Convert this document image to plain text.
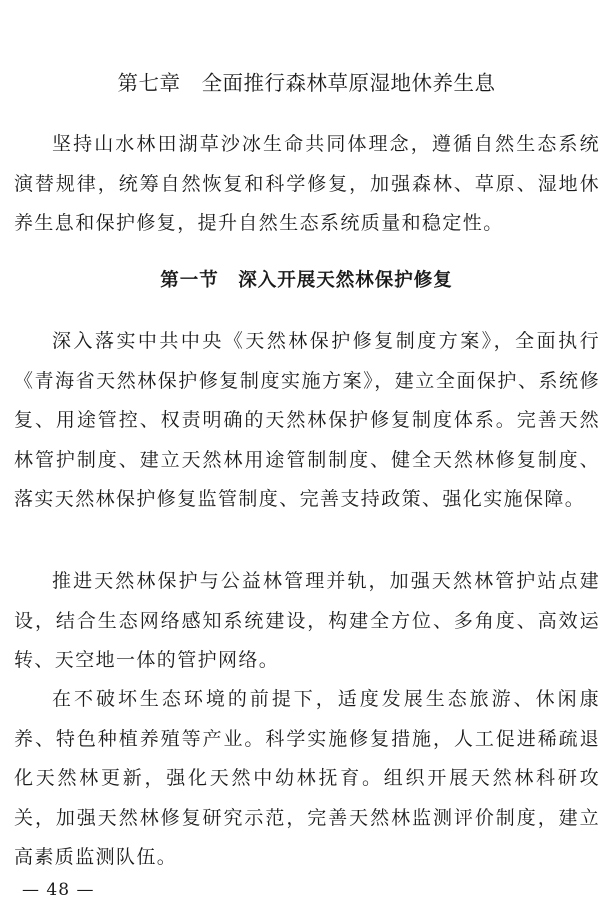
第七章　全面推行森林草原湿地休养生息

坚持山水林田湖草沙冰生命共同体理念，遵循自然生态系统演替规律，统筹自然恢复和科学修复，加强森林、草原、湿地休养生息和保护修复，提升自然生态系统质量和稳定性。

第一节　深入开展天然林保护修复

深入落实中共中央《天然林保护修复制度方案》，全面执行《青海省天然林保护修复制度实施方案》，建立全面保护、系统修复、用途管控、权责明确的天然林保护修复制度体系。完善天然林管护制度、建立天然林用途管制制度、健全天然林修复制度、落实天然林保护修复监管制度、完善支持政策、强化实施保障。

推进天然林保护与公益林管理并轨，加强天然林管护站点建设，结合生态网络感知系统建设，构建全方位、多角度、高效运转、天空地一体的管护网络。

在不破坏生态环境的前提下，适度发展生态旅游、休闲康养、特色种植养殖等产业。科学实施修复措施，人工促进稀疏退化天然林更新，强化天然中幼林抚育。组织开展天然林科研攻关，加强天然林修复研究示范，完善天然林监测评价制度，建立高素质监测队伍。

— 48 —
